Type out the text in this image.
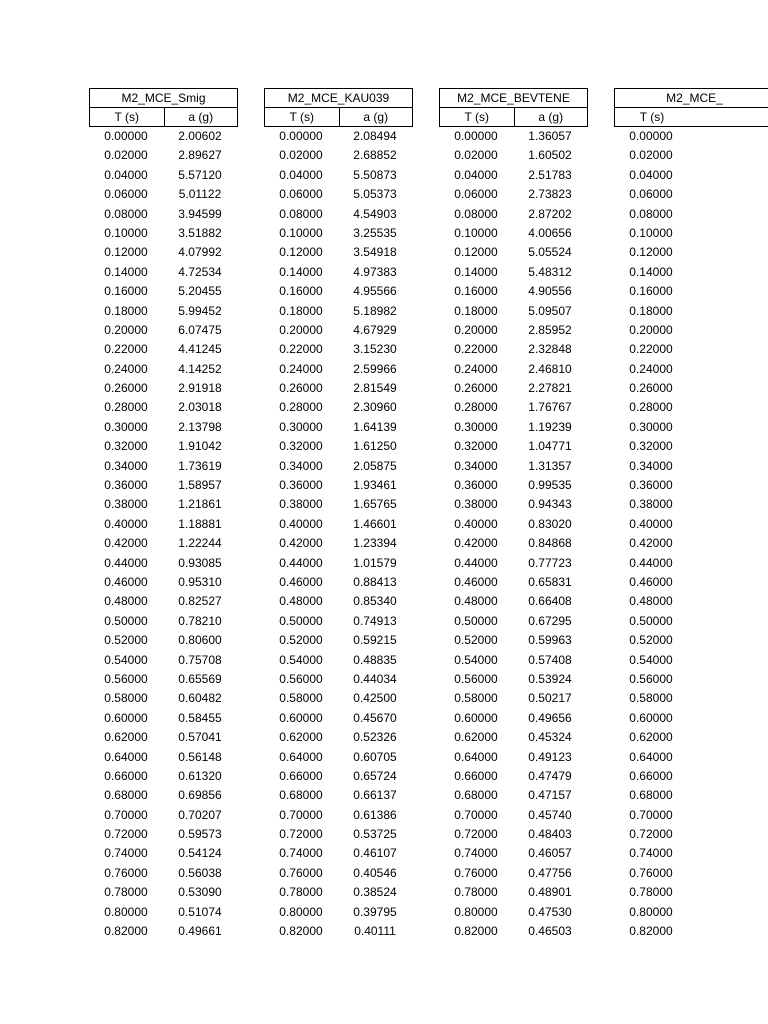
M2_MCE_Smig
T (s)	a (g)
0.00000	2.00602
0.02000	2.89627
0.04000	5.57120
0.06000	5.01122
0.08000	3.94599
0.10000	3.51882
0.12000	4.07992
0.14000	4.72534
0.16000	5.20455
0.18000	5.99452
0.20000	6.07475
0.22000	4.41245
0.24000	4.14252
0.26000	2.91918
0.28000	2.03018
0.30000	2.13798
0.32000	1.91042
0.34000	1.73619
0.36000	1.58957
0.38000	1.21861
0.40000	1.18881
0.42000	1.22244
0.44000	0.93085
0.46000	0.95310
0.48000	0.82527
0.50000	0.78210
0.52000	0.80600
0.54000	0.75708
0.56000	0.65569
0.58000	0.60482
0.60000	0.58455
0.62000	0.57041
0.64000	0.56148
0.66000	0.61320
0.68000	0.69856
0.70000	0.70207
0.72000	0.59573
0.74000	0.54124
0.76000	0.56038
0.78000	0.53090
0.80000	0.51074
0.82000	0.49661
M2_MCE_KAU039
T (s)	a (g)
0.00000	2.08494
0.02000	2.68852
0.04000	5.50873
0.06000	5.05373
0.08000	4.54903
0.10000	3.25535
0.12000	3.54918
0.14000	4.97383
0.16000	4.95566
0.18000	5.18982
0.20000	4.67929
0.22000	3.15230
0.24000	2.59966
0.26000	2.81549
0.28000	2.30960
0.30000	1.64139
0.32000	1.61250
0.34000	2.05875
0.36000	1.93461
0.38000	1.65765
0.40000	1.46601
0.42000	1.23394
0.44000	1.01579
0.46000	0.88413
0.48000	0.85340
0.50000	0.74913
0.52000	0.59215
0.54000	0.48835
0.56000	0.44034
0.58000	0.42500
0.60000	0.45670
0.62000	0.52326
0.64000	0.60705
0.66000	0.65724
0.68000	0.66137
0.70000	0.61386
0.72000	0.53725
0.74000	0.46107
0.76000	0.40546
0.78000	0.38524
0.80000	0.39795
0.82000	0.40111
M2_MCE_BEVTENE
T (s)	a (g)
0.00000	1.36057
0.02000	1.60502
0.04000	2.51783
0.06000	2.73823
0.08000	2.87202
0.10000	4.00656
0.12000	5.05524
0.14000	5.48312
0.16000	4.90556
0.18000	5.09507
0.20000	2.85952
0.22000	2.32848
0.24000	2.46810
0.26000	2.27821
0.28000	1.76767
0.30000	1.19239
0.32000	1.04771
0.34000	1.31357
0.36000	0.99535
0.38000	0.94343
0.40000	0.83020
0.42000	0.84868
0.44000	0.77723
0.46000	0.65831
0.48000	0.66408
0.50000	0.67295
0.52000	0.59963
0.54000	0.57408
0.56000	0.53924
0.58000	0.50217
0.60000	0.49656
0.62000	0.45324
0.64000	0.49123
0.66000	0.47479
0.68000	0.47157
0.70000	0.45740
0.72000	0.48403
0.74000	0.46057
0.76000	0.47756
0.78000	0.48901
0.80000	0.47530
0.82000	0.46503
M2_MCE_
T (s)
0.00000
0.02000
0.04000
0.06000
0.08000
0.10000
0.12000
0.14000
0.16000
0.18000
0.20000
0.22000
0.24000
0.26000
0.28000
0.30000
0.32000
0.34000
0.36000
0.38000
0.40000
0.42000
0.44000
0.46000
0.48000
0.50000
0.52000
0.54000
0.56000
0.58000
0.60000
0.62000
0.64000
0.66000
0.68000
0.70000
0.72000
0.74000
0.76000
0.78000
0.80000
0.82000
